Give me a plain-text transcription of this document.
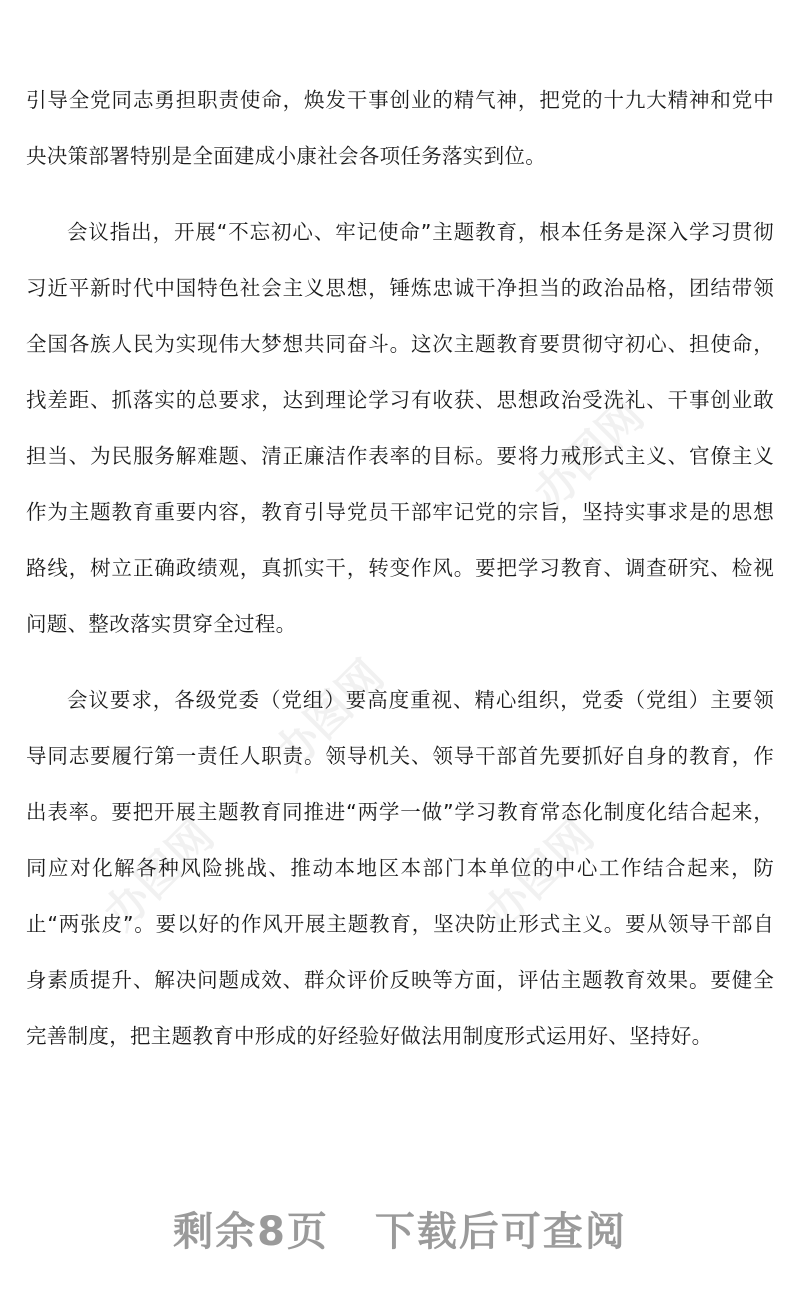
办图网
办图网
办图网
办图网

引导全党同志勇担职责使命，焕发干事创业的精气神，把党的十九大精神和党中央决策部署特别是全面建成小康社会各项任务落实到位。

会议指出，开展“不忘初心、牢记使命”主题教育，根本任务是深入学习贯彻习近平新时代中国特色社会主义思想，锤炼忠诚干净担当的政治品格，团结带领全国各族人民为实现伟大梦想共同奋斗。这次主题教育要贯彻守初心、担使命，找差距、抓落实的总要求，达到理论学习有收获、思想政治受洗礼、干事创业敢担当、为民服务解难题、清正廉洁作表率的目标。要将力戒形式主义、官僚主义作为主题教育重要内容，教育引导党员干部牢记党的宗旨，坚持实事求是的思想路线，树立正确政绩观，真抓实干，转变作风。要把学习教育、调查研究、检视问题、整改落实贯穿全过程。

会议要求，各级党委（党组）要高度重视、精心组织，党委（党组）主要领导同志要履行第一责任人职责。领导机关、领导干部首先要抓好自身的教育，作出表率。要把开展主题教育同推进“两学一做”学习教育常态化制度化结合起来，同应对化解各种风险挑战、推动本地区本部门本单位的中心工作结合起来，防止“两张皮”。要以好的作风开展主题教育，坚决防止形式主义。要从领导干部自身素质提升、解决问题成效、群众评价反映等方面，评估主题教育效果。要健全完善制度，把主题教育中形成的好经验好做法用制度形式运用好、坚持好。

剩余8页 下载后可查阅
